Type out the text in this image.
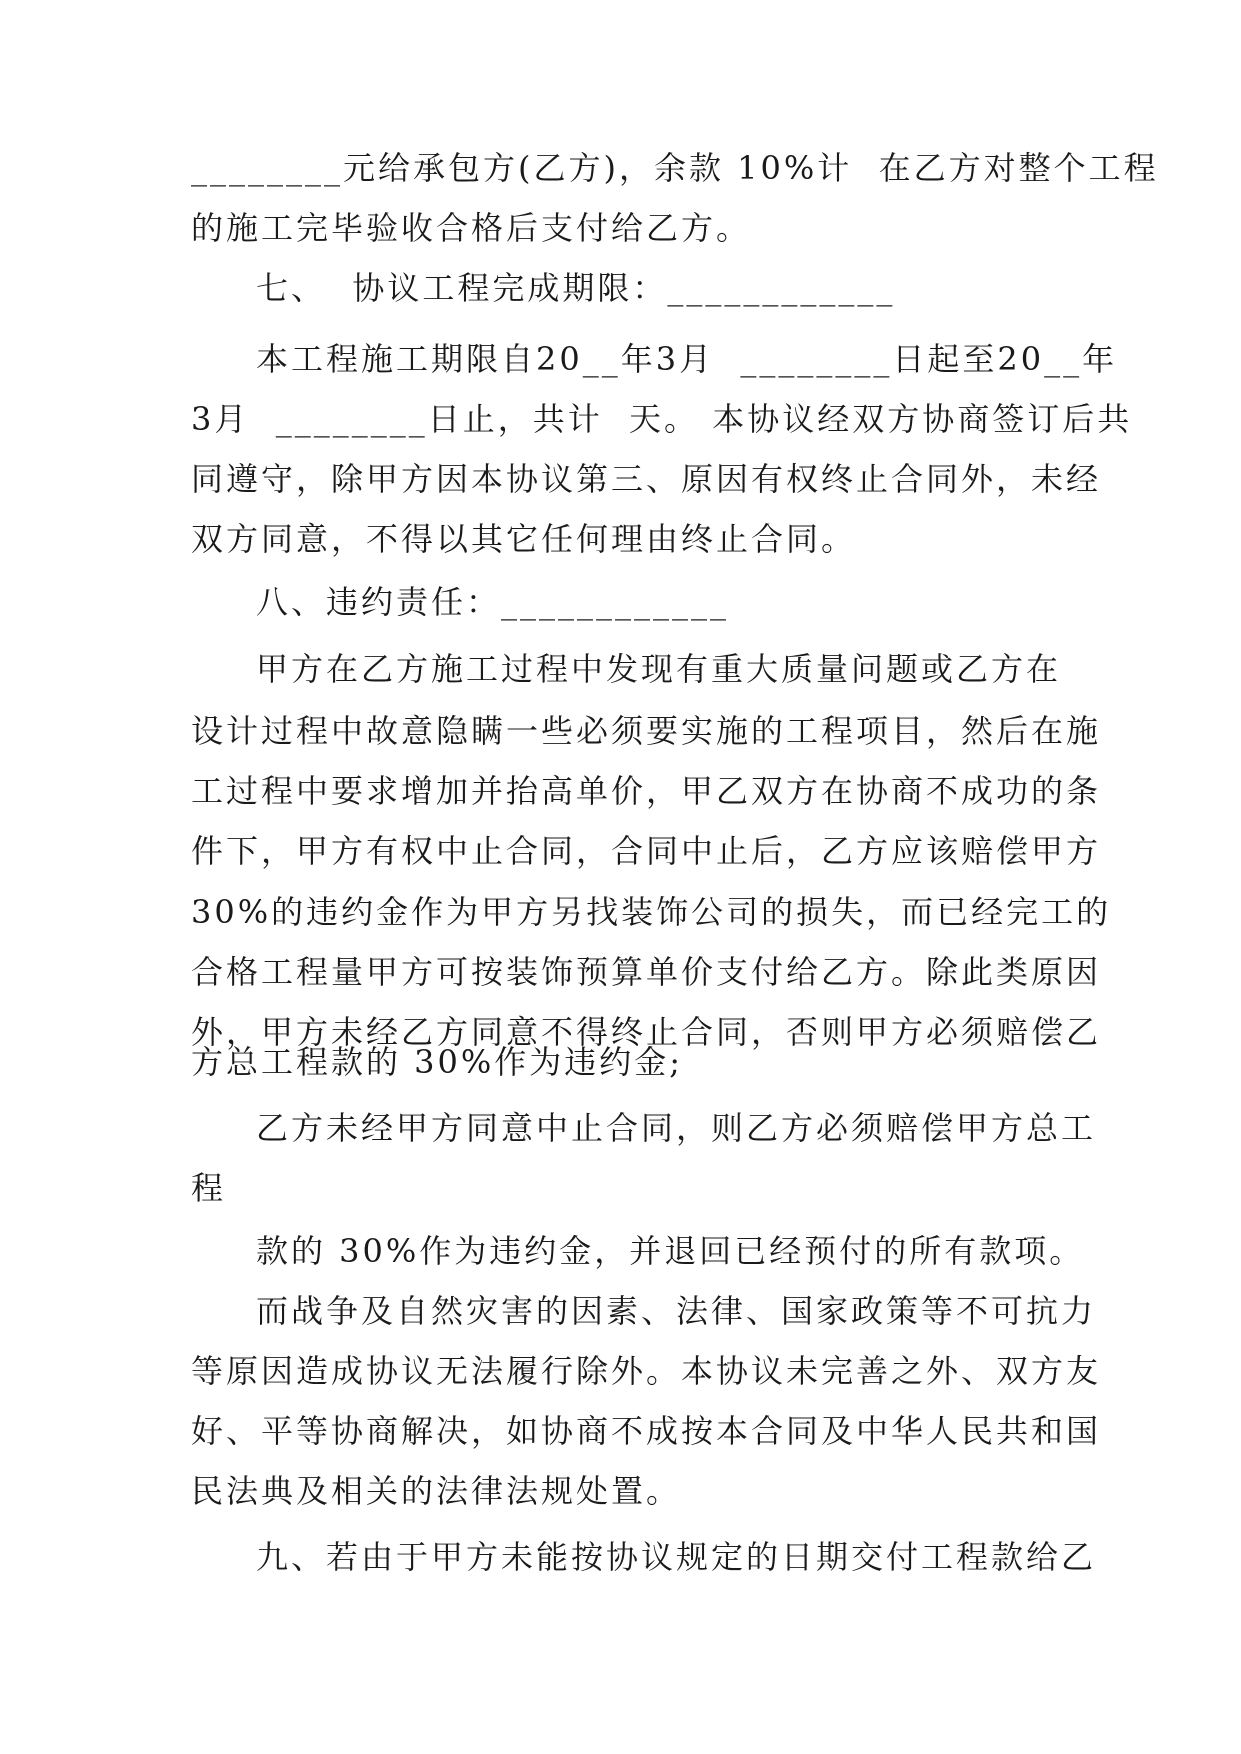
________元给承包方(乙方)，余款 10%计  在乙方对整个工程
的施工完毕验收合格后支付给乙方。
七、  协议工程完成期限：____________
本工程施工期限自20__年3月  ________日起至20__年
3月  ________日止，共计  天。 本协议经双方协商签订后共
同遵守，除甲方因本协议第三、原因有权终止合同外，未经
双方同意，不得以其它任何理由终止合同。
八、违约责任：____________
甲方在乙方施工过程中发现有重大质量问题或乙方在
设计过程中故意隐瞒一些必须要实施的工程项目，然后在施
工过程中要求增加并抬高单价，甲乙双方在协商不成功的条
件下，甲方有权中止合同，合同中止后，乙方应该赔偿甲方
30%的违约金作为甲方另找装饰公司的损失，而已经完工的
合格工程量甲方可按装饰预算单价支付给乙方。除此类原因
外，甲方未经乙方同意不得终止合同，否则甲方必须赔偿乙
方总工程款的 30%作为违约金;
乙方未经甲方同意中止合同，则乙方必须赔偿甲方总工
程
款的 30%作为违约金，并退回已经预付的所有款项。
而战争及自然灾害的因素、法律、国家政策等不可抗力
等原因造成协议无法履行除外。本协议未完善之外、双方友
好、平等协商解决，如协商不成按本合同及中华人民共和国
民法典及相关的法律法规处置。
九、若由于甲方未能按协议规定的日期交付工程款给乙
